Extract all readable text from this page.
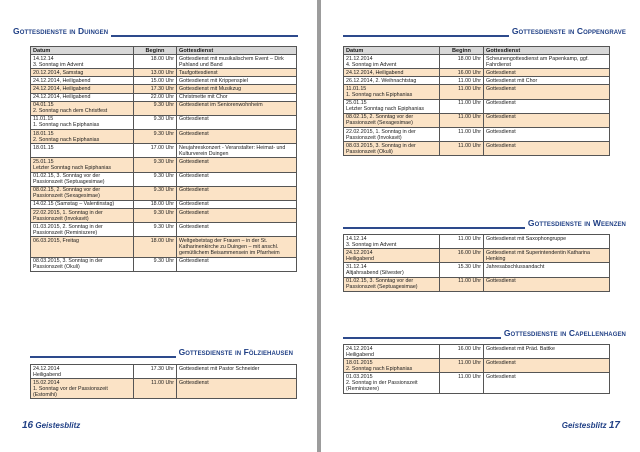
Gottesdienste in Duingen
Datum	Beginn	Gottesdienst
14.12.14
3. Sonntag im Advent	18.00 Uhr	Gottesdienst mit musikalischem Event – Dirk Pahland und Band
20.12.2014, Samstag	13.00 Uhr	Taufgottesdienst
24.12.2014, Heiligabend	15.00 Uhr	Gottesdienst mit Krippenspiel
24.12.2014, Heiligabend	17.30 Uhr	Gottesdienst mit Musikzug
24.12.2014, Heiligabend	22.00 Uhr	Christmette mit Chor
04.01.15
2. Sonntag nach dem Christfest	9.30 Uhr	Gottesdienst im Seniorenwohnheim
11.01.15
1. Sonntag nach Epiphanias	9.30 Uhr	Gottesdienst
18.01.15
2. Sonntag nach Epiphanias	9.30 Uhr	Gottesdienst
18.01.15	17.00 Uhr	Neujahreskonzert - Veranstalter: Heimat- und Kulturverein Duingen
25.01.15
Letzter Sonntag nach Epiphanias	9.30 Uhr	Gottesdienst
01.02.15, 3. Sonntag vor der Passionszeit (Septuagesimae)	9.30 Uhr	Gottesdienst
08.02.15, 2. Sonntag vor der Passionszeit (Sexagesimae)	9.30 Uhr	Gottesdienst
14.02.15 (Samstag – Valentinstag)	18.00 Uhr	Gottesdienst
22.02.2015, 1. Sonntag in der Passionszeit (Invokavit)	9.30 Uhr	Gottesdienst
01.03.2015, 2. Sonntag in der Passionszeit (Reminiszere)	9.30 Uhr	Gottesdienst
06.03.2015, Freitag	18.00 Uhr	Weltgebetstag der Frauen – in der St. Katharinenkirche zu Duingen – mit anschl. gemütlichem Beisammensein im Pfarrheim
08.03.2015, 3. Sonntag in der Passionszeit (Okuli)	9.30 Uhr	Gottesdienst
Gottesdienste in Fölziehausen
24.12.2014
Heiligabend	17.30 Uhr	Gottesdienst mit Pastor Schneider
15.02.2014
1. Sonntag vor der Passionszeit (Estomihi)	11.00 Uhr	Gottesdienst
16 Geistesblitz
Gottesdienste in Coppengrave
Datum	Beginn	Gottesdienst
21.12.2014
4. Sonntag im Advent	18.00 Uhr	Scheunengottesdienst am Papenkamp, ggf. Fahrdienst
24.12.2014, Heiligabend	16.00 Uhr	Gottesdienst
26.12.2014, 2. Weihnachtstag	11.00 Uhr	Gottesdienst mit Chor
11.01.15
1. Sonntag nach Epiphanias	11.00 Uhr	Gottesdienst
25.01.15
Letzter Sonntag nach Epiphanias	11.00 Uhr	Gottesdienst
08.02.15, 2. Sonntag vor der Passionszeit (Sexagesimae)	11.00 Uhr	Gottesdienst
22.02.2015, 1. Sonntag in der Passionszeit (Invokavit)	11.00 Uhr	Gottesdienst
08.03.2015, 3. Sonntag in der Passionszeit (Okuli)	11.00 Uhr	Gottesdienst
Gottesdienste in Weenzen
14.12.14
3. Sonntag im Advent	11.00 Uhr	Gottesdienst mit Saxophongruppe
24.12.2014
Heiligabend	16.00 Uhr	Gottesdienst mit Superintendentin Katharina Henking
31.12.14
Altjahrsabend (Silvester)	15.30 Uhr	Jahresabschlussandacht
01.02.15, 3. Sonntag vor der Passionszeit (Septuagesimae)	11.00 Uhr	Gottesdienst
Gottesdienste in Capellenhagen
24.12.2014
Heiligabend	16.00 Uhr	Gottesdienst mit Präd. Battke
18.01.2015
2. Sonntag nach Epiphanias	11.00 Uhr	Gottesdienst
01.03.2015
2. Sonntag in der Passionszeit (Reminiszere)	11.00 Uhr	Gottesdienst
Geistesblitz 17
